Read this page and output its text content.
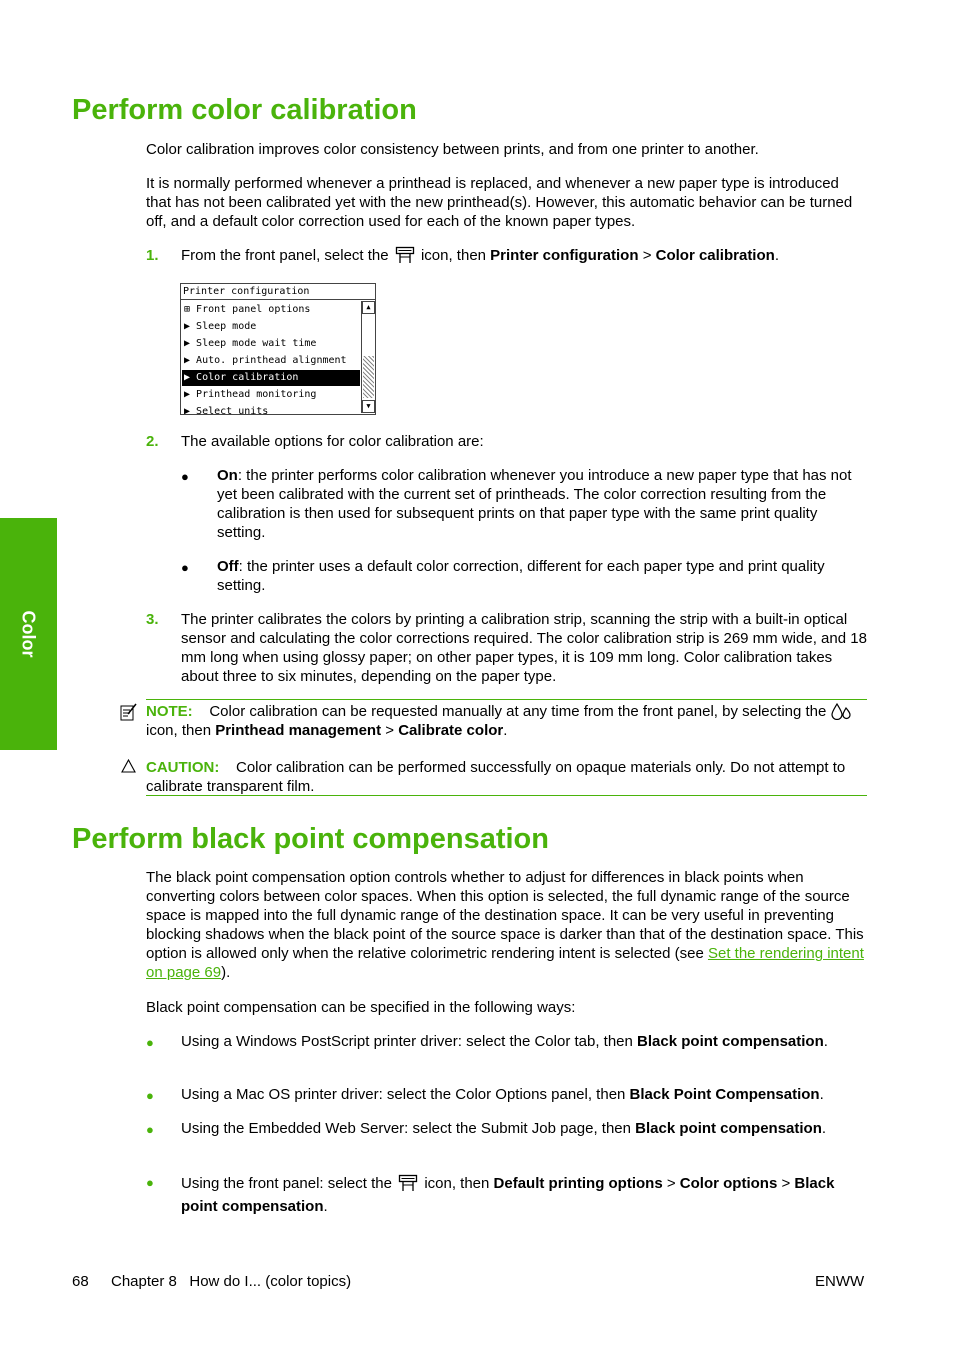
Color
Perform color calibration

Color calibration improves color consistency between prints, and from one printer to another.

It is normally performed whenever a printhead is replaced, and whenever a new paper type is introduced that has not been calibrated yet with the new printhead(s). However, this automatic behavior can be turned off, and a default color correction used for each of the known paper types.

1. From the front panel, select the icon, then Printer configuration > Color calibration.

Printer configuration
⊞ Front panel options
▶ Sleep mode
▶ Sleep mode wait time
▶ Auto. printhead alignment
▶ Color calibration
▶ Printhead monitoring
▶ Select units
▲
▼
2. The available options for color calibration are:

● On: the printer performs color calibration whenever you introduce a new paper type that has not yet been calibrated with the current set of printheads. The color correction resulting from the calibration is then used for subsequent prints on that paper type with the same print quality setting.

● Off: the printer uses a default color correction, different for each paper type and print quality setting.

3. The printer calibrates the colors by printing a calibration strip, scanning the strip with a built-in optical sensor and calculating the color corrections required. The color calibration strip is 269 mm wide, and 18 mm long when using glossy paper; on other paper types, it is 109 mm long. Color calibration takes about three to six minutes, depending on the paper type.

NOTE: Color calibration can be requested manually at any time from the front panel, by selecting the  icon, then Printhead management > Calibrate color.

CAUTION: Color calibration can be performed successfully on opaque materials only. Do not attempt to calibrate transparent film.

Perform black point compensation

The black point compensation option controls whether to adjust for differences in black points when converting colors between color spaces. When this option is selected, the full dynamic range of the source space is mapped into the full dynamic range of the destination space. It can be very useful in preventing blocking shadows when the black point of the source space is darker than that of the destination space. This option is allowed only when the relative colorimetric rendering intent is selected (see Set the rendering intent on page 69).

Black point compensation can be specified in the following ways:

● Using a Windows PostScript printer driver: select the Color tab, then Black point compensation.

● Using a Mac OS printer driver: select the Color Options panel, then Black Point Compensation.

● Using the Embedded Web Server: select the Submit Job page, then Black point compensation.

● Using the front panel: select the icon, then Default printing options > Color options > Black point compensation.

68 Chapter 8   How do I... (color topics)	ENWW
